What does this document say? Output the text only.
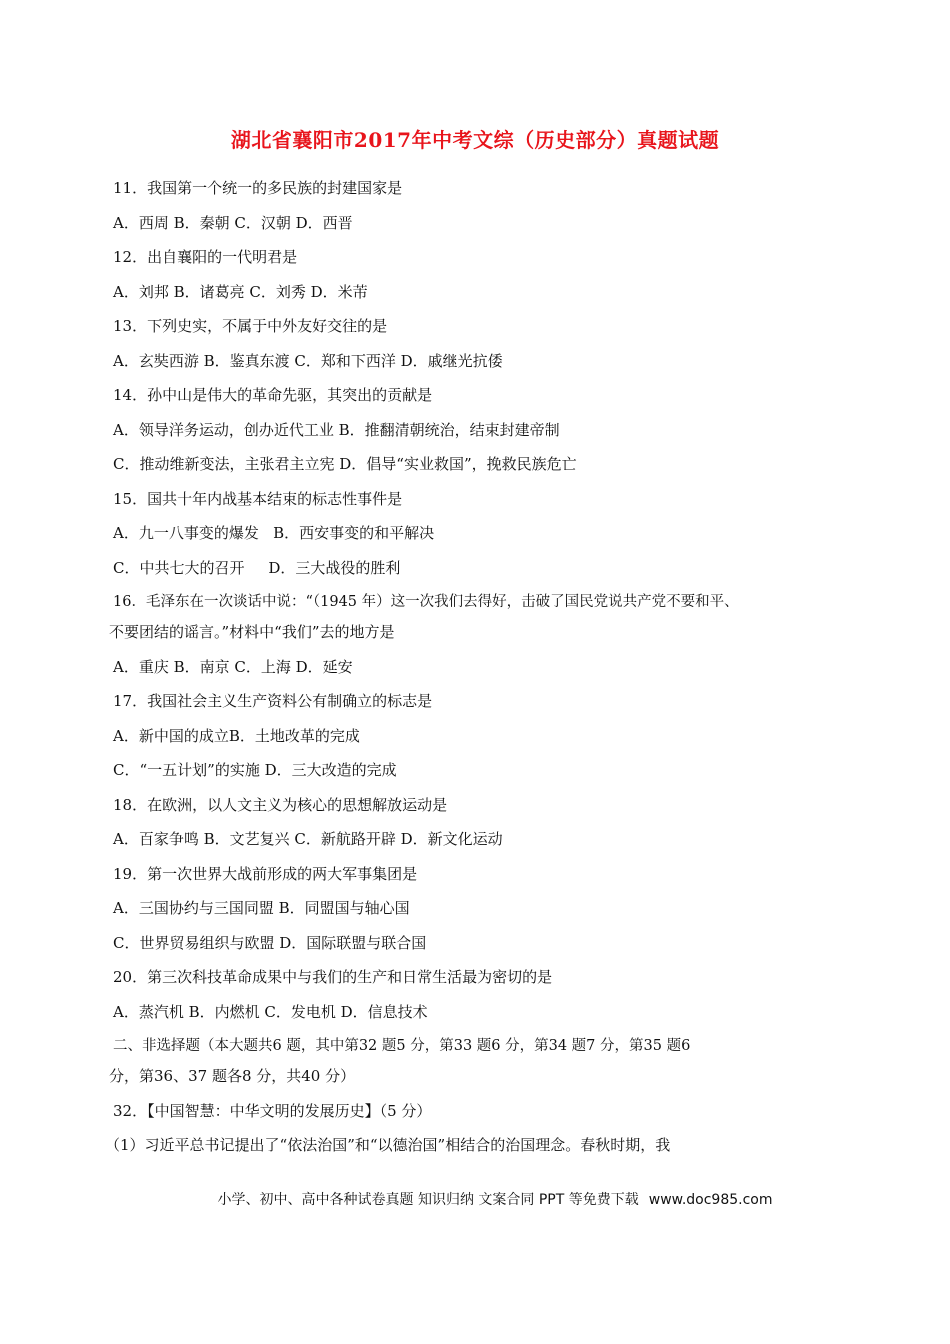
湖北省襄阳市2017年中考文综（历史部分）真题试题
11．我国第一个统一的多民族的封建国家是
A．西周 B．秦朝 C．汉朝 D．西晋
12．出自襄阳的一代明君是
A．刘邦 B．诸葛亮 C．刘秀 D．米芾
13．下列史实，不属于中外友好交往的是
A．玄奘西游 B．鉴真东渡 C．郑和下西洋 D．戚继光抗倭
14．孙中山是伟大的革命先驱，其突出的贡献是
A．领导洋务运动，创办近代工业 B．推翻清朝统治，结束封建帝制
C．推动维新变法，主张君主立宪 D．倡导“实业救国”，挽救民族危亡
15．国共十年内战基本结束的标志性事件是
A．九一八事变的爆发   B．西安事变的和平解决
C．中共七大的召开     D．三大战役的胜利
16．毛泽东在一次谈话中说：“（1945 年）这一次我们去得好，击破了国民党说共产党不要和平、
不要团结的谣言。”材料中“我们”去的地方是
A．重庆 B．南京 C．上海 D．延安
17．我国社会主义生产资料公有制确立的标志是
A．新中国的成立B．土地改革的完成
C．“一五计划”的实施 D．三大改造的完成
18．在欧洲，以人文主义为核心的思想解放运动是
A．百家争鸣 B．文艺复兴 C．新航路开辟 D．新文化运动
19．第一次世界大战前形成的两大军事集团是
A．三国协约与三国同盟 B．同盟国与轴心国
C．世界贸易组织与欧盟 D．国际联盟与联合国
20．第三次科技革命成果中与我们的生产和日常生活最为密切的是
A．蒸汽机 B．内燃机 C．发电机 D．信息技术
二、非选择题（本大题共6 题，其中第32 题5 分，第33 题6 分，第34 题7 分，第35 题6
分，第36、37 题各8 分，共40 分）
32．【中国智慧：中华文明的发展历史】（5 分）
（1）习近平总书记提出了“依法治国”和“以德治国”相结合的治国理念。春秋时期，我
小学、初中、高中各种试卷真题 知识归纳 文案合同 PPT 等免费下载 www.doc985.com
